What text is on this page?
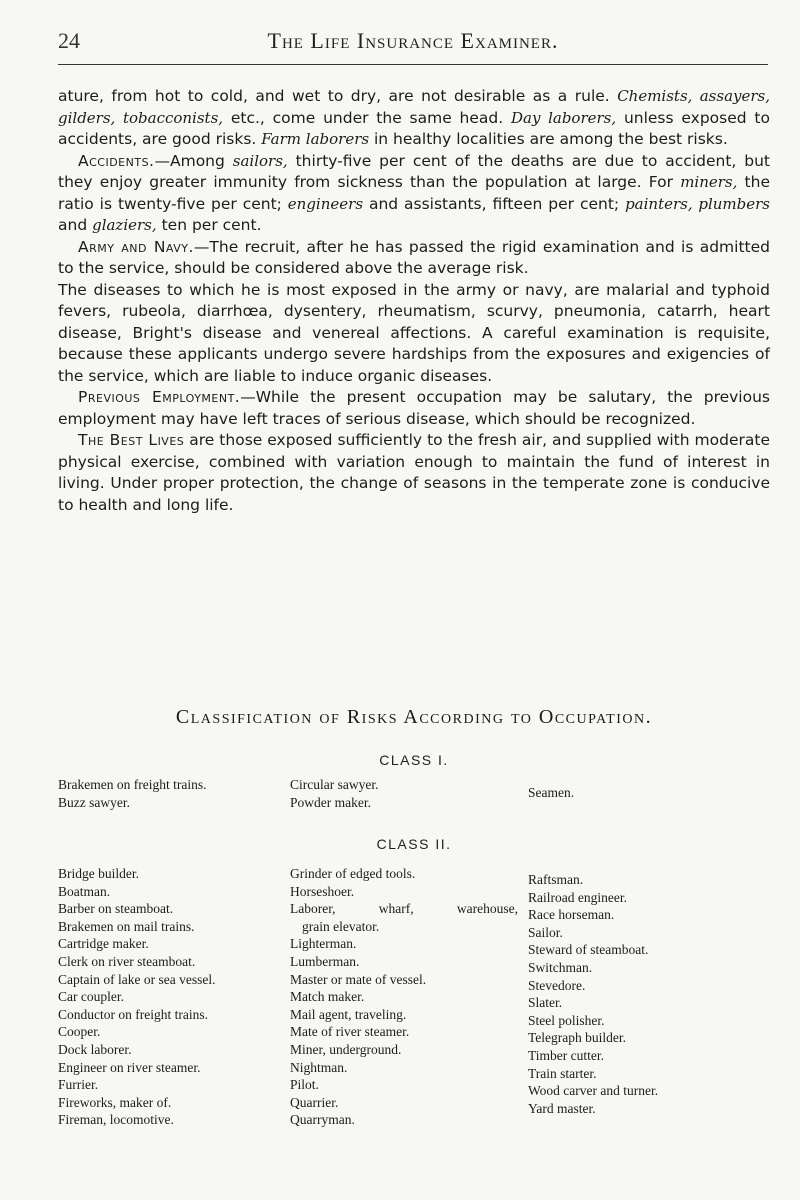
24	The Life Insurance Examiner.

ature, from hot to cold, and wet to dry, are not desirable as a rule. Chemists, assayers, gilders, tobacconists, etc., come under the same head. Day laborers, unless exposed to accidents, are good risks. Farm laborers in healthy localities are among the best risks.

Accidents.—Among sailors, thirty-five per cent of the deaths are due to accident, but they enjoy greater immunity from sickness than the population at large. For miners, the ratio is twenty-five per cent; engineers and assistants, fifteen per cent; painters, plumbers and glaziers, ten per cent.

Army and Navy.—The recruit, after he has passed the rigid examination and is admitted to the service, should be considered above the average risk.

The diseases to which he is most exposed in the army or navy, are malarial and typhoid fevers, rubeola, diarrhœa, dysentery, rheumatism, scurvy, pneumonia, catarrh, heart disease, Bright's disease and venereal affections. A careful examination is requisite, because these applicants undergo severe hardships from the exposures and exigencies of the service, which are liable to induce organic diseases.

Previous Employment.—While the present occupation may be salutary, the previous employment may have left traces of serious disease, which should be recognized.

The Best Lives are those exposed sufficiently to the fresh air, and supplied with moderate physical exercise, combined with variation enough to maintain the fund of interest in living. Under proper protection, the change of seasons in the temperate zone is conducive to health and long life.

Classification of Risks According to Occupation.
CLASS I.
Brakemen on freight trains.
Buzz sawyer.
Circular sawyer.
Powder maker.
Seamen.
CLASS II.
Bridge builder.
Boatman.
Barber on steamboat.
Brakemen on mail trains.
Cartridge maker.
Clerk on river steamboat.
Captain of lake or sea vessel.
Car coupler.
Conductor on freight trains.
Cooper.
Dock laborer.
Engineer on river steamer.
Furrier.
Fireworks, maker of.
Fireman, locomotive.
Grinder of edged tools.
Horseshoer.
Laborer, wharf, warehouse,
grain elevator.
Lighterman.
Lumberman.
Master or mate of vessel.
Match maker.
Mail agent, traveling.
Mate of river steamer.
Miner, underground.
Nightman.
Pilot.
Quarrier.
Quarryman.
Raftsman.
Railroad engineer.
Race horseman.
Sailor.
Steward of steamboat.
Switchman.
Stevedore.
Slater.
Steel polisher.
Telegraph builder.
Timber cutter.
Train starter.
Wood carver and turner.
Yard master.
